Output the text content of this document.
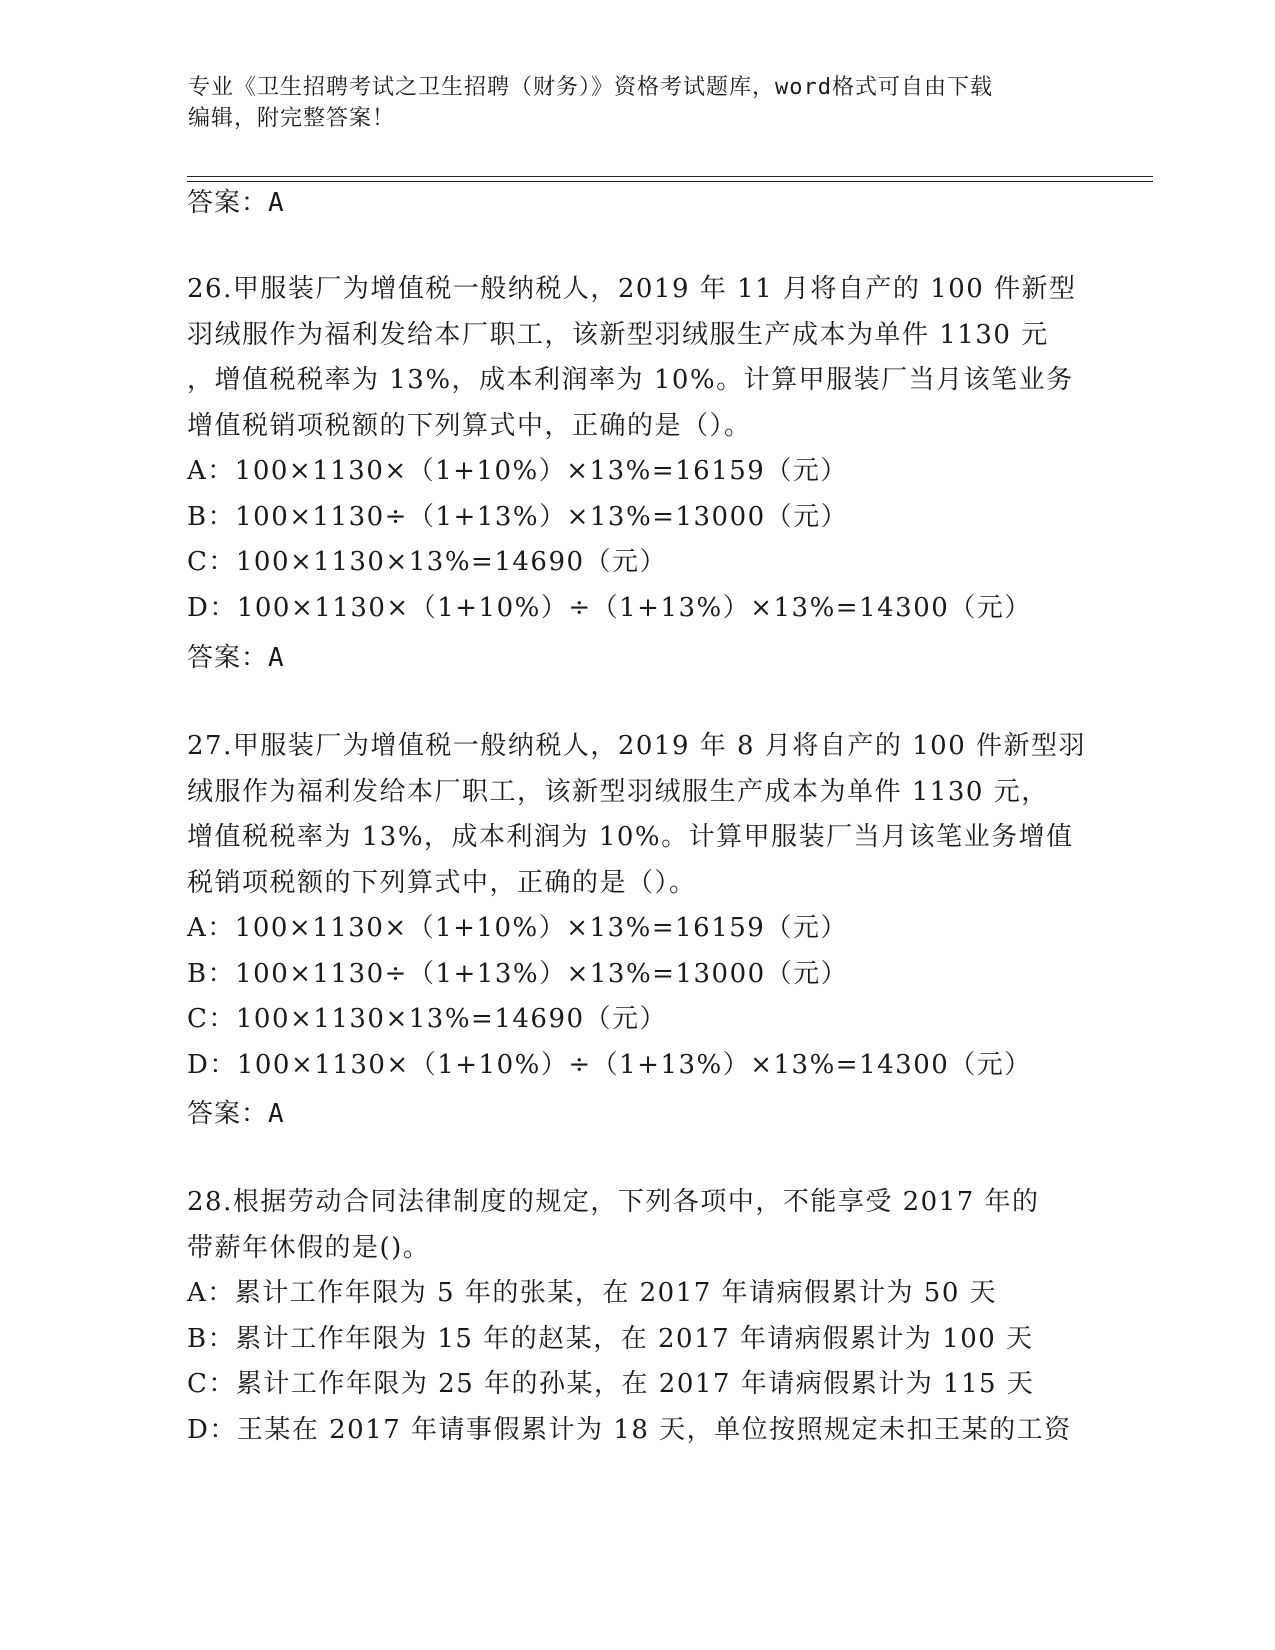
专业《卫生招聘考试之卫生招聘（财务）》资格考试题库，word格式可自由下载
编辑，附完整答案！
答案：A
26.甲服装厂为增值税一般纳税人，2019 年 11 月将自产的 100 件新型
羽绒服作为福利发给本厂职工，该新型羽绒服生产成本为单件 1130 元
，增值税税率为 13%，成本利润率为 10%。计算甲服装厂当月该笔业务
增值税销项税额的下列算式中，正确的是（）。
A：100×1130×（1+10%）×13%=16159（元）
B：100×1130÷（1+13%）×13%=13000（元）
C：100×1130×13%=14690（元）
D：100×1130×（1+10%）÷（1+13%）×13%=14300（元）
答案：A
27.甲服装厂为增值税一般纳税人，2019 年 8 月将自产的 100 件新型羽
绒服作为福利发给本厂职工，该新型羽绒服生产成本为单件 1130 元，
增值税税率为 13%，成本利润为 10%。计算甲服装厂当月该笔业务增值
税销项税额的下列算式中，正确的是（）。
A：100×1130×（1+10%）×13%=16159（元）
B：100×1130÷（1+13%）×13%=13000（元）
C：100×1130×13%=14690（元）
D：100×1130×（1+10%）÷（1+13%）×13%=14300（元）
答案：A
28.根据劳动合同法律制度的规定，下列各项中，不能享受 2017 年的
带薪年休假的是()。
A：累计工作年限为 5 年的张某，在 2017 年请病假累计为 50 天
B：累计工作年限为 15 年的赵某，在 2017 年请病假累计为 100 天
C：累计工作年限为 25 年的孙某，在 2017 年请病假累计为 115 天
D：王某在 2017 年请事假累计为 18 天，单位按照规定未扣王某的工资
